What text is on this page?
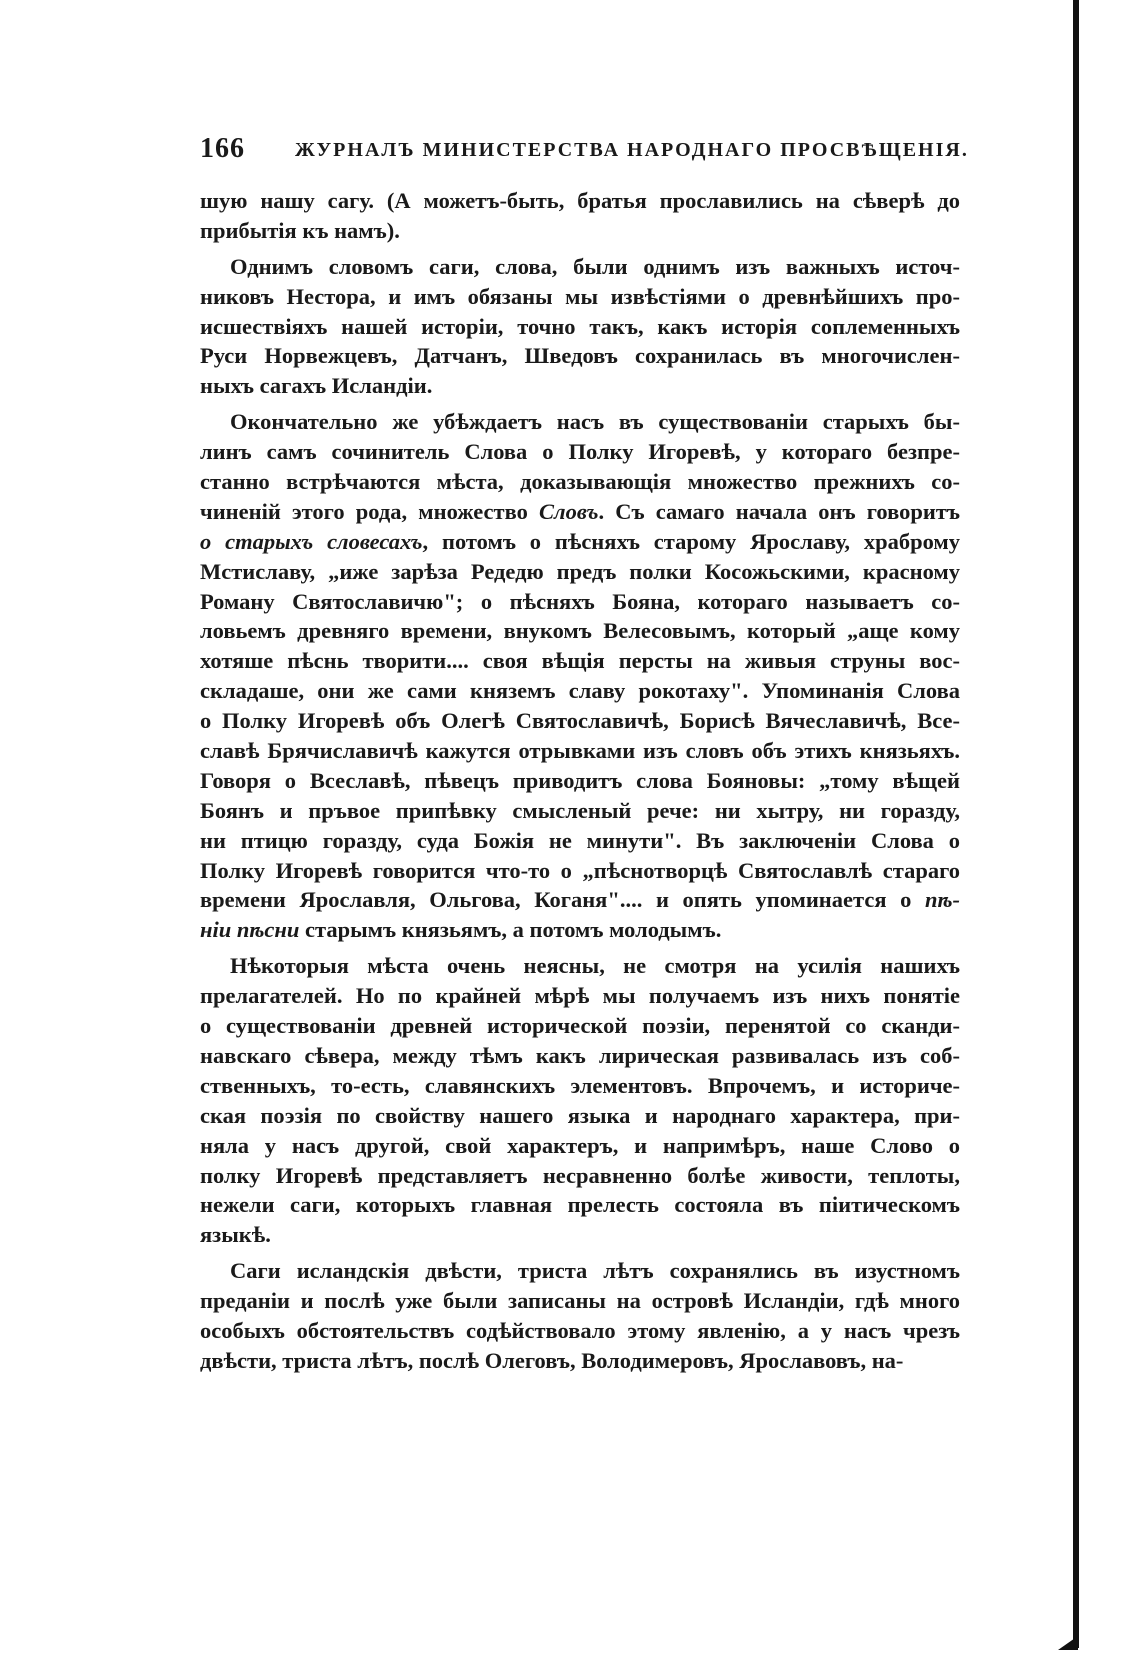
166	ЖУРНАЛЪ МИНИСТЕРСТВА НАРОДНАГО ПРОСВѢЩЕНІЯ.
шую нашу сагу. (А можетъ-быть, братья прославились на сѣверѣ до
прибытія къ намъ).
Однимъ словомъ саги, слова, были однимъ изъ важныхъ источ-
никовъ Нестора, и имъ обязаны мы извѣстіями о древнѣйшихъ про-
исшествіяхъ нашей исторіи, точно такъ, какъ исторія соплеменныхъ
Руси Норвежцевъ, Датчанъ, Шведовъ сохранилась въ многочислен-
ныхъ сагахъ Исландіи.
Окончательно же убѣждаетъ насъ въ существованіи старыхъ бы-
линъ самъ сочинитель Слова о Полку Игоревѣ, у котораго безпре-
станно встрѣчаются мѣста, доказывающія множество прежнихъ со-
чиненій этого рода, множество Словъ. Съ самаго начала онъ говоритъ
о старыхъ словесахъ, потомъ о пѣсняхъ старому Ярославу, храброму
Мстиславу, „иже зарѣза Редедю предъ полки Косожьскими, красному
Роману Святославичю"; о пѣсняхъ Бояна, котораго называетъ со-
ловьемъ древняго времени, внукомъ Велесовымъ, который „аще кому
хотяше пѣснь творити.... своя вѣщія персты на живыя струны вос-
складаше, они же сами княземъ славу рокотаху". Упоминанія Слова
о Полку Игоревѣ объ Олегѣ Святославичѣ, Борисѣ Вячеславичѣ, Все-
славѣ Брячиславичѣ кажутся отрывками изъ словъ объ этихъ князьяхъ.
Говоря о Всеславѣ, пѣвецъ приводитъ слова Бояновы: „тому вѣщей
Боянъ и пръвое припѣвку смысленый рече: ни хытру, ни горазду,
ни птицю горазду, суда Божія не минути". Въ заключеніи Слова о
Полку Игоревѣ говорится что-то о „пѣснотворцѣ Святославлѣ стараго
времени Ярославля, Ольгова, Коганя".... и опять упоминается о пѣ-
ніи пѣсни старымъ князьямъ, а потомъ молодымъ.
Нѣкоторыя мѣста очень неясны, не смотря на усилія нашихъ
прелагателей. Но по крайней мѣрѣ мы получаемъ изъ нихъ понятіе
о существованіи древней исторической поэзіи, перенятой со сканди-
навскаго сѣвера, между тѣмъ какъ лирическая развивалась изъ соб-
ственныхъ, то-есть, славянскихъ элементовъ. Впрочемъ, и историче-
ская поэзія по свойству нашего языка и народнаго характера, при-
няла у насъ другой, свой характеръ, и напримѣръ, наше Слово о
полку Игоревѣ представляетъ несравненно болѣе живости, теплоты,
нежели саги, которыхъ главная прелесть состояла въ піитическомъ
языкѣ.
Саги исландскія двѣсти, триста лѣтъ сохранялись въ изустномъ
преданіи и послѣ уже были записаны на островѣ Исландіи, гдѣ много
особыхъ обстоятельствъ содѣйствовало этому явленію, а у насъ чрезъ
двѣсти, триста лѣтъ, послѣ Олеговъ, Володимеровъ, Ярославовъ, на-
